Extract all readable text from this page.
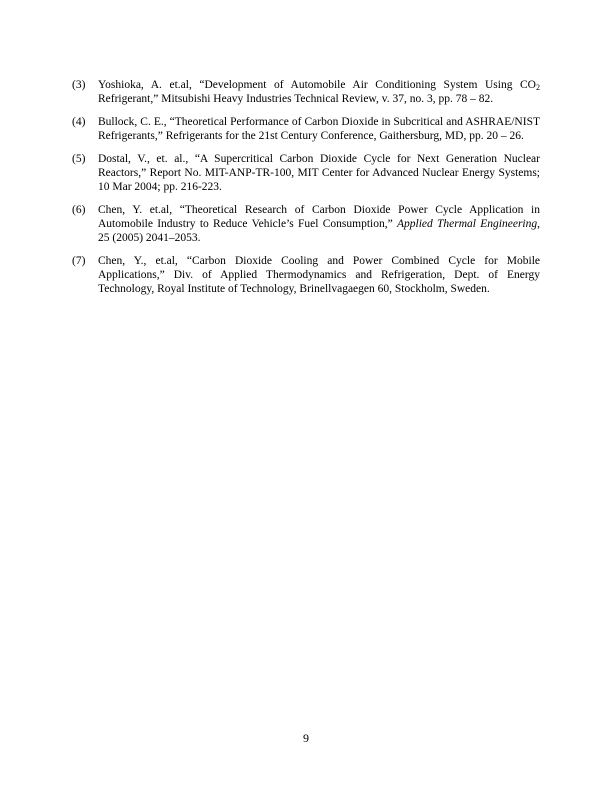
(3)	Yoshioka, A. et.al, “Development of Automobile Air Conditioning System Using $CO_2$ Refrigerant,” Mitsubishi Heavy Industries Technical Review, v. 37, no. 3, pp. 78 – 82.
(4)	Bullock, C. E., “Theoretical Performance of Carbon Dioxide in Subcritical and ASHRAE/NIST Refrigerants,” Refrigerants for the 21st Century Conference, Gaithersburg, MD, pp. 20 – 26.
(5)	Dostal, V., et. al., “A Supercritical Carbon Dioxide Cycle for Next Generation Nuclear Reactors,” Report No. MIT-ANP-TR-100, MIT Center for Advanced Nuclear Energy Systems; 10 Mar 2004; pp. 216-223.
(6)	Chen, Y. et.al, “Theoretical Research of Carbon Dioxide Power Cycle Application in Automobile Industry to Reduce Vehicle’s Fuel Consumption,” Applied Thermal Engineering, 25 (2005) 2041–2053.
(7)	Chen, Y., et.al, “Carbon Dioxide Cooling and Power Combined Cycle for Mobile Applications,” Div. of Applied Thermodynamics and Refrigeration, Dept. of Energy Technology, Royal Institute of Technology, Brinellvagaegen 60, Stockholm, Sweden.
9
